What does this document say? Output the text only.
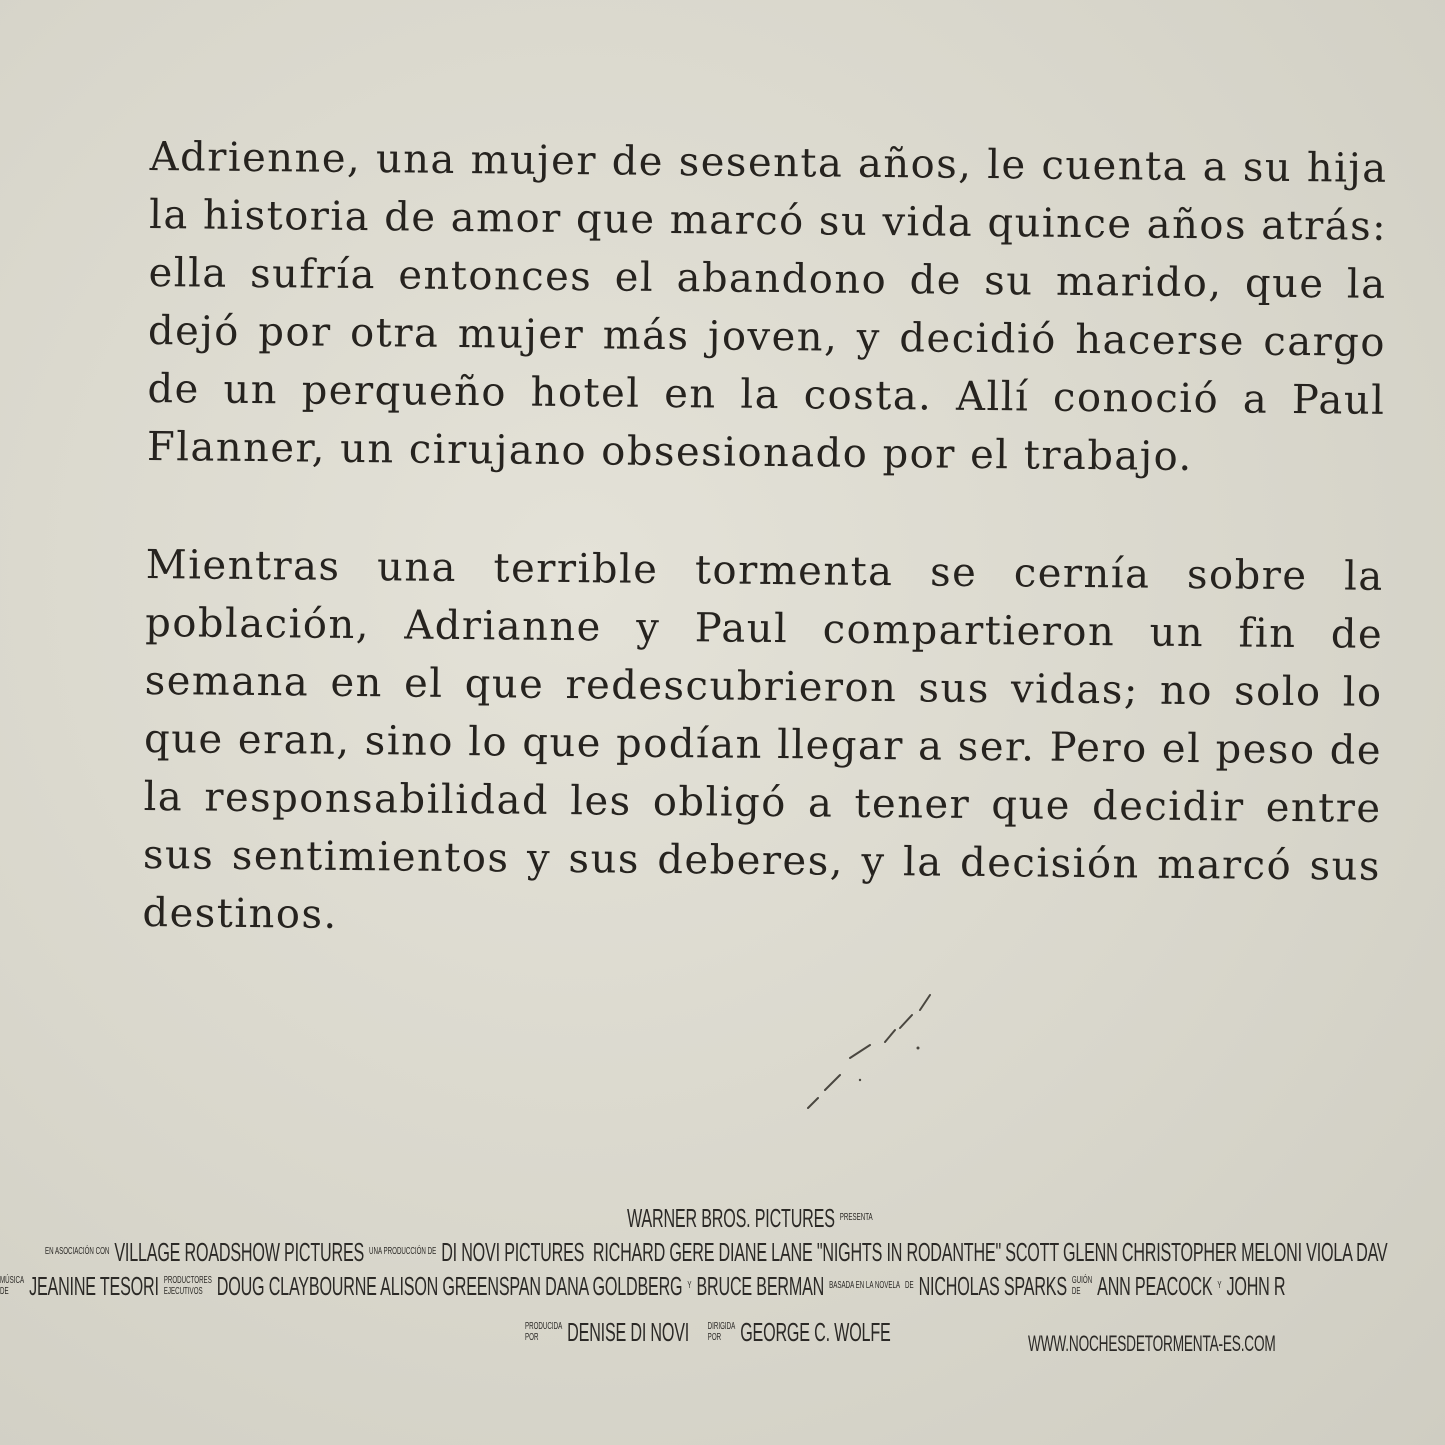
Adrienne, una mujer de sesenta años, le cuenta a su hija la historia de amor que marcó su vida quince años atrás: ella sufría entonces el abandono de su marido, que la dejó por otra mujer más joven, y decidió hacerse cargo de un perqueño hotel en la costa. Allí conoció a Paul Flanner, un cirujano obsesionado por el trabajo.

Mientras una terrible tormenta se cernía sobre la población, Adrianne y Paul compartieron un fin de semana en el que redescubrieron sus vidas; no solo lo que eran, sino lo que podían llegar a ser. Pero el peso de la responsabilidad les obligó a tener que decidir entre sus sentimientos y sus deberes, y la decisión marcó sus destinos.

WARNER BROS. PICTURES PRESENTA
EN ASOCIACIÓN CON VILLAGE ROADSHOW PICTURES UNA PRODUCCIÓN DE DI NOVI PICTURES RICHARD GERE DIANE LANE "NIGHTS IN RODANTHE" SCOTT GLENN CHRISTOPHER MELONI VIOLA DAV
MÚSICA
DE JEANINE TESORI PRODUCTORES
EJECUTIVOS DOUG CLAYBOURNE ALISON GREENSPAN DANA GOLDBERG Y BRUCE BERMAN BASADA EN LA NOVELA DE NICHOLAS SPARKS GUIÓN
DE ANN PEACOCK Y JOHN R
PRODUCIDA
POR	DENISE DI NOVI DIRIGIDA
POR GEORGE C. WOLFE	WWW.NOCHESDETORMENTA-ES.COM
